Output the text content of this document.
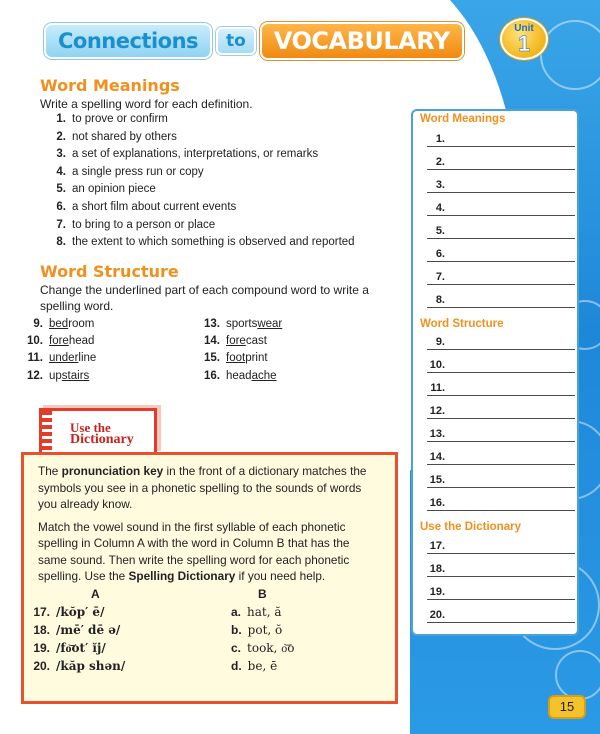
Connections to VOCABULARY	Unit
1
Word Meanings
Write a spelling word for each definition.
1. to prove or confirm
2. not shared by others
3. a set of explanations, interpretations, or remarks
4. a single press run or copy
5. an opinion piece
6. a short film about current events
7. to bring to a person or place
8. the extent to which something is observed and reported
Word Structure
Change the underlined part of each compound word to write a spelling word.
9. bed room
10. fore head
11. under line
12. up stairs
13. sports wear
14. fore cast
15. foot print
16. head ache
Use the
Dictionary

The pronunciation key in the front of a dictionary matches the symbols you see in a phonetic spelling to the sounds of words you already know.

Match the vowel sound in the first syllable of each phonetic spelling in Column A with the word in Column B that has the same sound. Then write the spelling word for each phonetic spelling. Use the Spelling Dictionary if you need help.

A	B
17. /kŏp′ ē/
18. /mē′ dē ə/
19. /fo͝ot′ ĭj/
20. /kăp shən/
a. hat, ă
b. pot, ŏ
c. took, o͝o
d. be, ē
Word Meanings
1.
2.
3.
4.
5.
6.
7.
8.
Word Structure
9.
10.
11.
12.
13.
14.
15.
16.
Use the Dictionary
17.
18.
19.
20.
15
